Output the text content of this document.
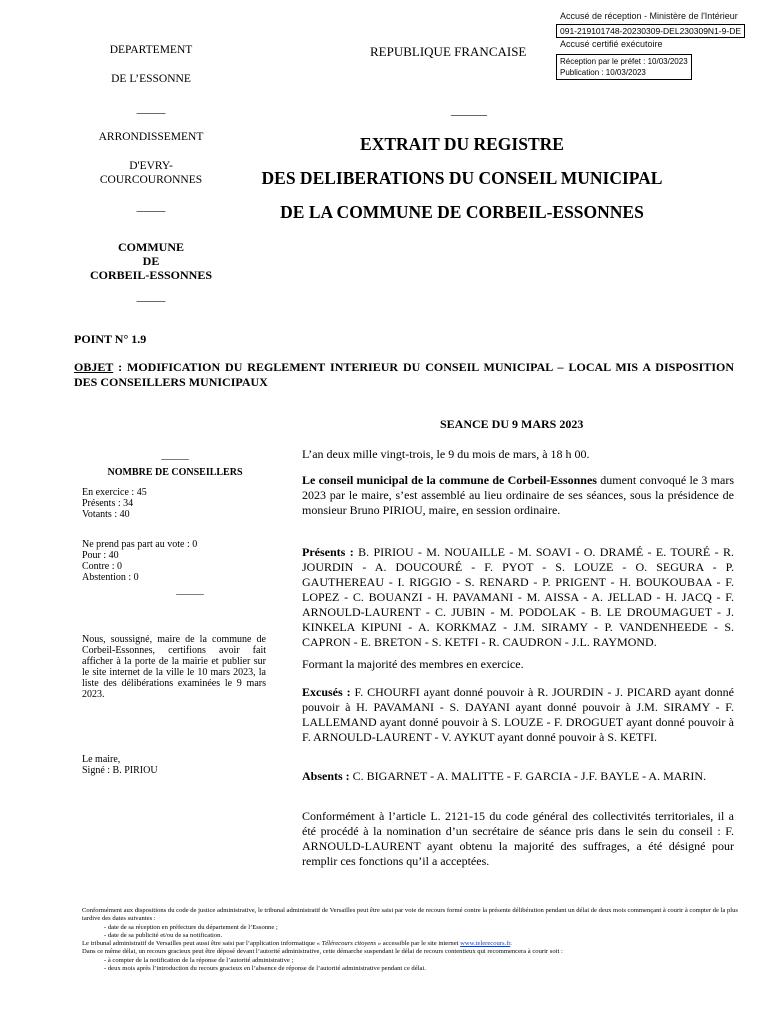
Accusé de réception - Ministère de l'Intérieur
091-219101748-20230309-DEL230309N1-9-DE
Accusé certifié exécutoire
Réception par le préfet : 10/03/2023
Publication : 10/03/2023
DEPARTEMENT
DE L’ESSONNE
_____
ARRONDISSEMENT
D'EVRY-
COURCOURONNES
_____
COMMUNE
DE
CORBEIL-ESSONNES
_____
REPUBLIQUE FRANCAISE
______
EXTRAIT DU REGISTRE
DES DELIBERATIONS DU CONSEIL MUNICIPAL
DE LA COMMUNE DE CORBEIL-ESSONNES
POINT N° 1.9
OBJET : MODIFICATION DU REGLEMENT INTERIEUR DU CONSEIL MUNICIPAL – LOCAL MIS A DISPOSITION DES CONSEILLERS MUNICIPAUX
SEANCE DU 9 MARS 2023
_____
NOMBRE DE CONSEILLERS
En exercice : 45
Présents : 34
Votants : 40
Ne prend pas part au vote : 0
Pour : 40
Contre : 0
Abstention : 0
_____
Nous, soussigné, maire de la commune de Corbeil-Essonnes, certifions avoir fait afficher à la porte de la mairie et publier sur le site internet de la ville le 10 mars 2023, la liste des délibérations examinées le 9 mars 2023.
Le maire,
Signé : B. PIRIOU
L’an deux mille vingt-trois, le 9 du mois de mars, à 18 h 00.
Le conseil municipal de la commune de Corbeil-Essonnes dument convoqué le 3 mars 2023 par le maire, s’est assemblé au lieu ordinaire de ses séances, sous la présidence de monsieur Bruno PIRIOU, maire, en session ordinaire.
Présents : B. PIRIOU - M. NOUAILLE - M. SOAVI - O. DRAMÉ - E. TOURÉ - R. JOURDIN - A. DOUCOURÉ - F. PYOT - S. LOUZE - O. SEGURA - P. GAUTHEREAU - I. RIGGIO - S. RENARD - P. PRIGENT - H. BOUKOUBAA - F. LOPEZ - C. BOUANZI - H. PAVAMANI - M. AISSA - A. JELLAD - H. JACQ - F. ARNOULD-LAURENT - C. JUBIN - M. PODOLAK - B. LE DROUMAGUET - J. KINKELA KIPUNI - A. KORKMAZ - J.M. SIRAMY - P. VANDENHEEDE - S. CAPRON - E. BRETON - S. KETFI - R. CAUDRON - J.L. RAYMOND.
Formant la majorité des membres en exercice.
Excusés : F. CHOURFI ayant donné pouvoir à R. JOURDIN - J. PICARD ayant donné pouvoir à H. PAVAMANI - S. DAYANI ayant donné pouvoir à J.M. SIRAMY - F. LALLEMAND ayant donné pouvoir à S. LOUZE - F. DROGUET ayant donné pouvoir à F. ARNOULD-LAURENT - V. AYKUT ayant donné pouvoir à S. KETFI.
Absents : C. BIGARNET - A. MALITTE - F. GARCIA - J.F. BAYLE - A. MARIN.
Conformément à l’article L. 2121-15 du code général des collectivités territoriales, il a été procédé à la nomination d’un secrétaire de séance pris dans le sein du conseil : F. ARNOULD-LAURENT ayant obtenu la majorité des suffrages, a été désigné pour remplir ces fonctions qu’il a acceptées.
Conformément aux dispositions du code de justice administrative, le tribunal administratif de Versailles peut être saisi par voie de recours formé contre la présente délibération pendant un délai de deux mois commençant à courir à compter de la plus tardive des dates suivantes :
- date de sa réception en préfecture du département de l’Essonne ;
- date de sa publicité et/ou de sa notification.
Le tribunal administratif de Versailles peut aussi être saisi par l’application informatique « Télérecours citoyens » accessible par le site internet www.telerecours.fr.
Dans ce même délai, un recours gracieux peut être déposé devant l’autorité administrative, cette démarche suspendant le délai de recours contentieux qui recommencera à courir soit :
- à compter de la notification de la réponse de l’autorité administrative ;
- deux mois après l’introduction du recours gracieux en l’absence de réponse de l’autorité administrative pendant ce délai.
